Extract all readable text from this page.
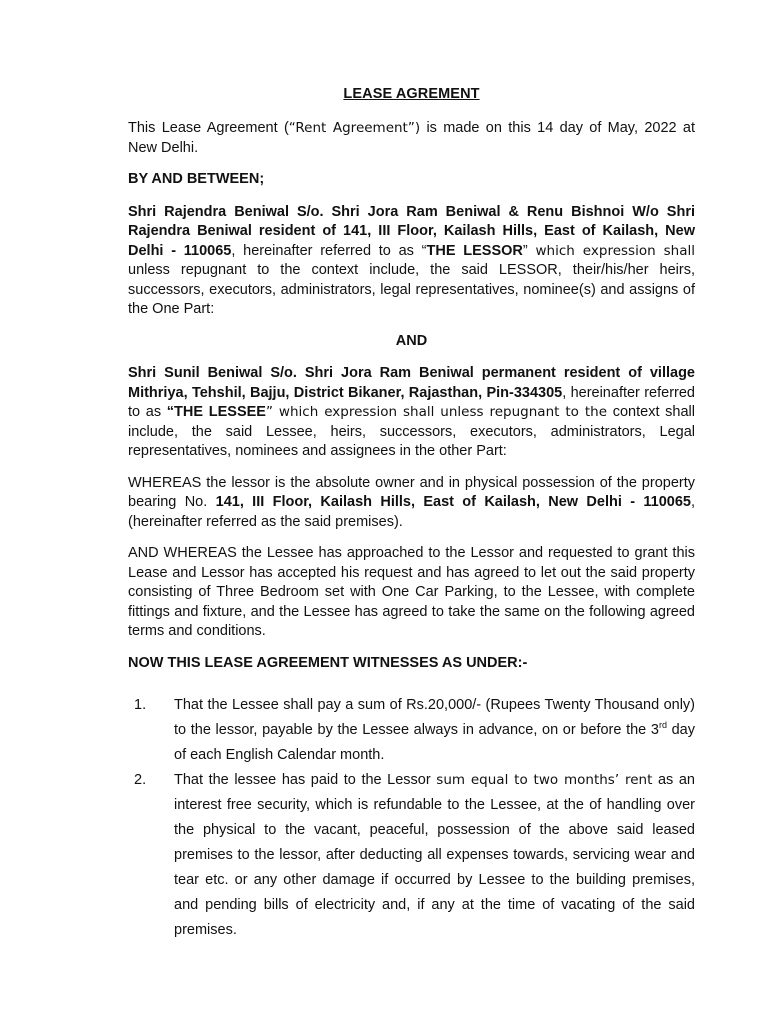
LEASE AGREMENT

This Lease Agreement (“Rent Agreement”) is made on this 14 day of May, 2022 at New Delhi.

BY AND BETWEEN;

Shri Rajendra Beniwal S/o. Shri Jora Ram Beniwal & Renu Bishnoi W/o Shri Rajendra Beniwal resident of 141, III Floor, Kailash Hills, East of Kailash, New Delhi - 110065, hereinafter referred to as “THE LESSOR” which expression shall unless repugnant to the context include, the said LESSOR, their/his/her heirs, successors, executors, administrators, legal representatives, nominee(s) and assigns of the One Part:

AND

Shri Sunil Beniwal S/o. Shri Jora Ram Beniwal permanent resident of village Mithriya, Tehshil, Bajju, District Bikaner, Rajasthan, Pin-334305, hereinafter referred to as “THE LESSEE” which expression shall unless repugnant to the context shall include, the said Lessee, heirs, successors, executors, administrators, Legal representatives, nominees and assignees in the other Part:

WHEREAS the lessor is the absolute owner and in physical possession of the property bearing No. 141, III Floor, Kailash Hills, East of Kailash, New Delhi - 110065, (hereinafter referred as the said premises).

AND WHEREAS the Lessee has approached to the Lessor and requested to grant this Lease and Lessor has accepted his request and has agreed to let out the said property consisting of Three Bedroom set with One Car Parking, to the Lessee, with complete fittings and fixture, and the Lessee has agreed to take the same on the following agreed terms and conditions.

NOW THIS LEASE AGREEMENT WITNESSES AS UNDER:-

1. That the Lessee shall pay a sum of Rs.20,000/- (Rupees Twenty Thousand only) to the lessor, payable by the Lessee always in advance, on or before the 3rd day of each English Calendar month.
2. That the lessee has paid to the Lessor sum equal to two months’ rent as an interest free security, which is refundable to the Lessee, at the of handling over the physical to the vacant, peaceful, possession of the above said leased premises to the lessor, after deducting all expenses towards, servicing wear and tear etc. or any other damage if occurred by Lessee to the building premises, and pending bills of electricity and, if any at the time of vacating of the said premises.
